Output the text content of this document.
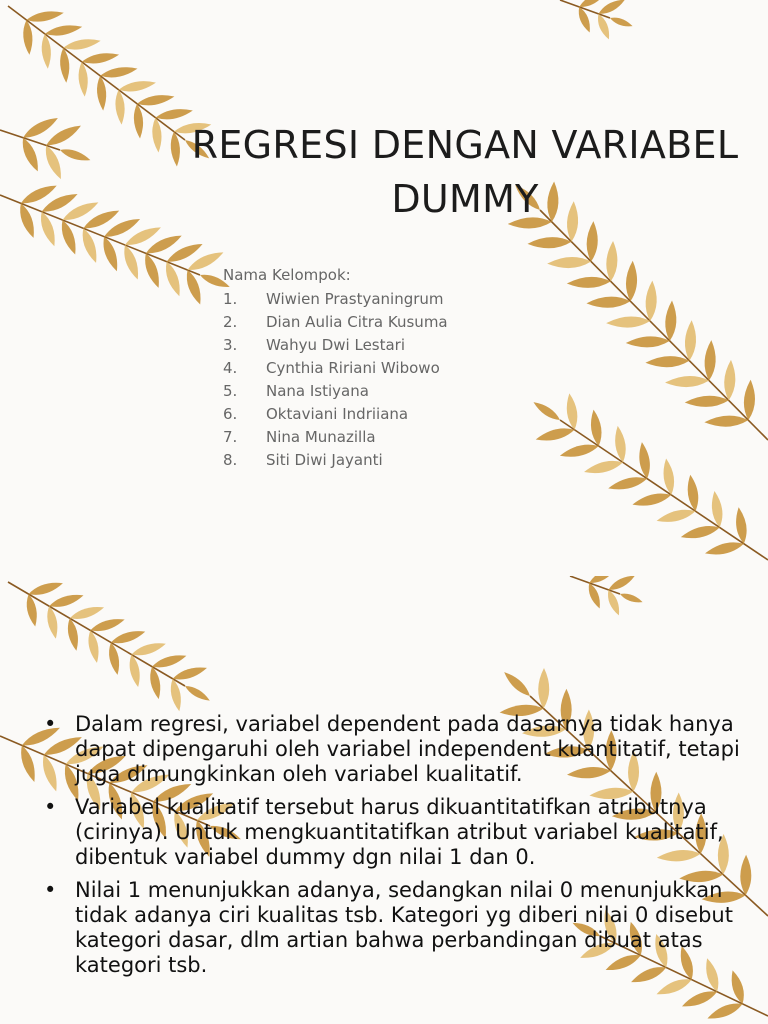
REGRESI DENGAN VARIABEL
DUMMY
Nama Kelompok:
1.	Wiwien Prastyaningrum
2.	Dian Aulia Citra Kusuma
3.	Wahyu Dwi Lestari
4.	Cynthia Ririani Wibowo
5.	Nana Istiyana
6.	Oktaviani Indriiana
7.	Nina Munazilla
8.	Siti Diwi Jayanti
• Dalam regresi, variabel dependent pada dasarnya tidak hanya dapat dipengaruhi oleh variabel independent kuantitatif, tetapi juga dimungkinkan oleh variabel kualitatif.
• Variabel kualitatif tersebut harus dikuantitatifkan atributnya (cirinya). Untuk mengkuantitatifkan atribut variabel kualitatif, dibentuk variabel dummy dgn nilai 1 dan 0.
• Nilai 1 menunjukkan adanya, sedangkan nilai 0 menunjukkan tidak adanya ciri kualitas tsb. Kategori yg diberi nilai 0 disebut kategori dasar, dlm artian bahwa perbandingan dibuat atas kategori tsb.
